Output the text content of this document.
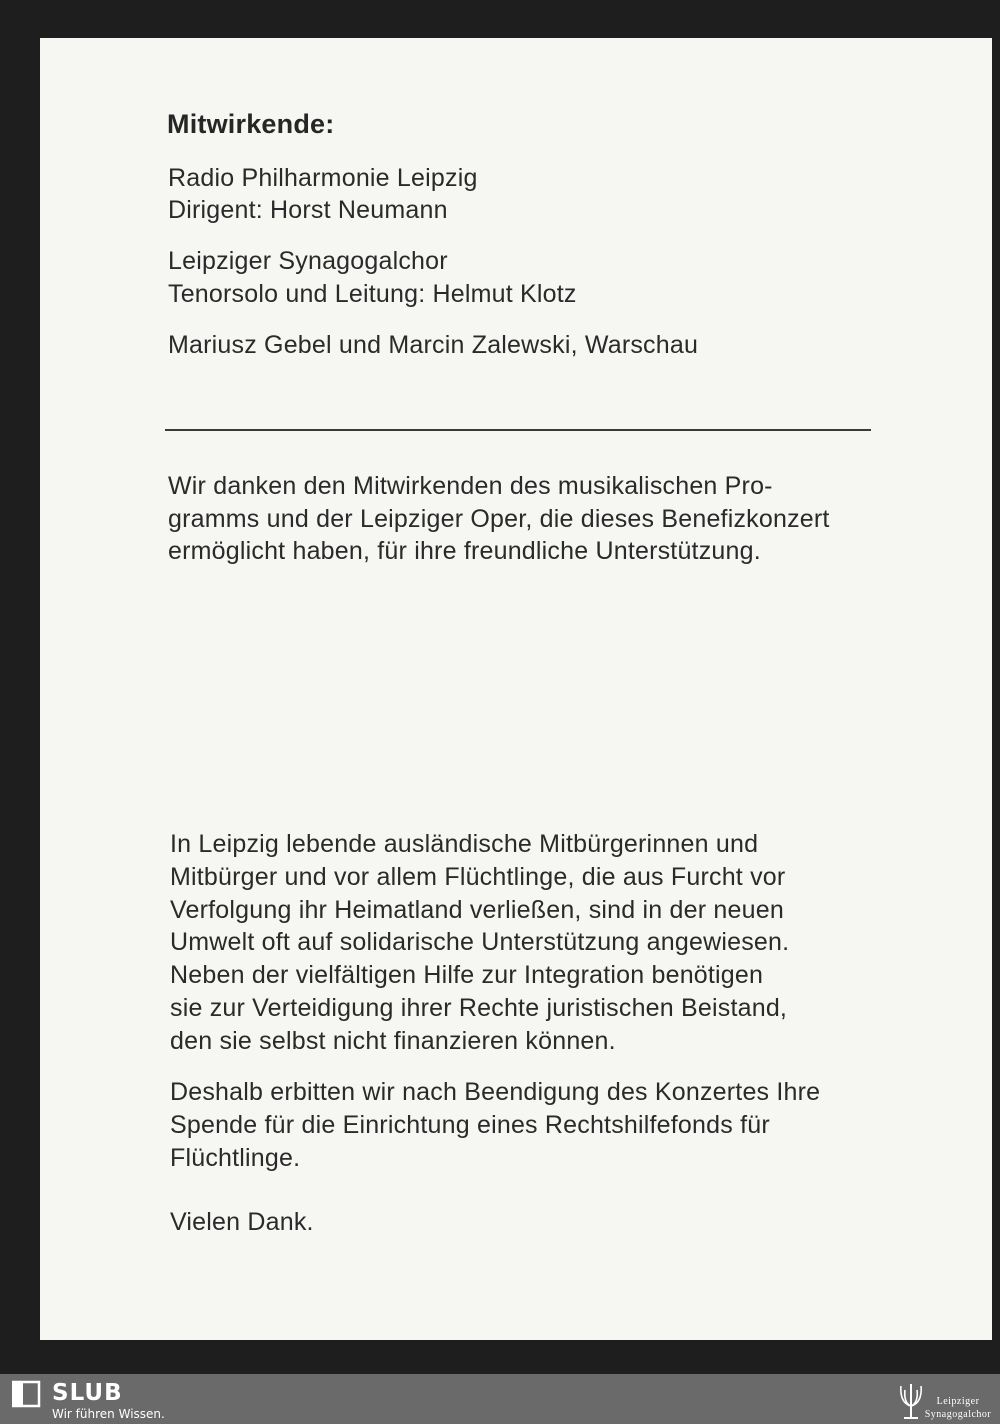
Mitwirkende:
Radio Philharmonie Leipzig
Dirigent: Horst Neumann
Leipziger Synagogalchor
Tenorsolo und Leitung: Helmut Klotz
Mariusz Gebel und Marcin Zalewski, Warschau
Wir danken den Mitwirkenden des musikalischen Pro-
gramms und der Leipziger Oper, die dieses Benefizkonzert
ermöglicht haben, für ihre freundliche Unterstützung.
In Leipzig lebende ausländische Mitbürgerinnen und
Mitbürger und vor allem Flüchtlinge, die aus Furcht vor
Verfolgung ihr Heimatland verließen, sind in der neuen
Umwelt oft auf solidarische Unterstützung angewiesen.
Neben der vielfältigen Hilfe zur Integration benötigen
sie zur Verteidigung ihrer Rechte juristischen Beistand,
den sie selbst nicht finanzieren können.
Deshalb erbitten wir nach Beendigung des Konzertes Ihre
Spende für die Einrichtung eines Rechtshilfefonds für
Flüchtlinge.
Vielen Dank.
SLUB
Wir führen Wissen.
Leipziger
Synagogalchor
